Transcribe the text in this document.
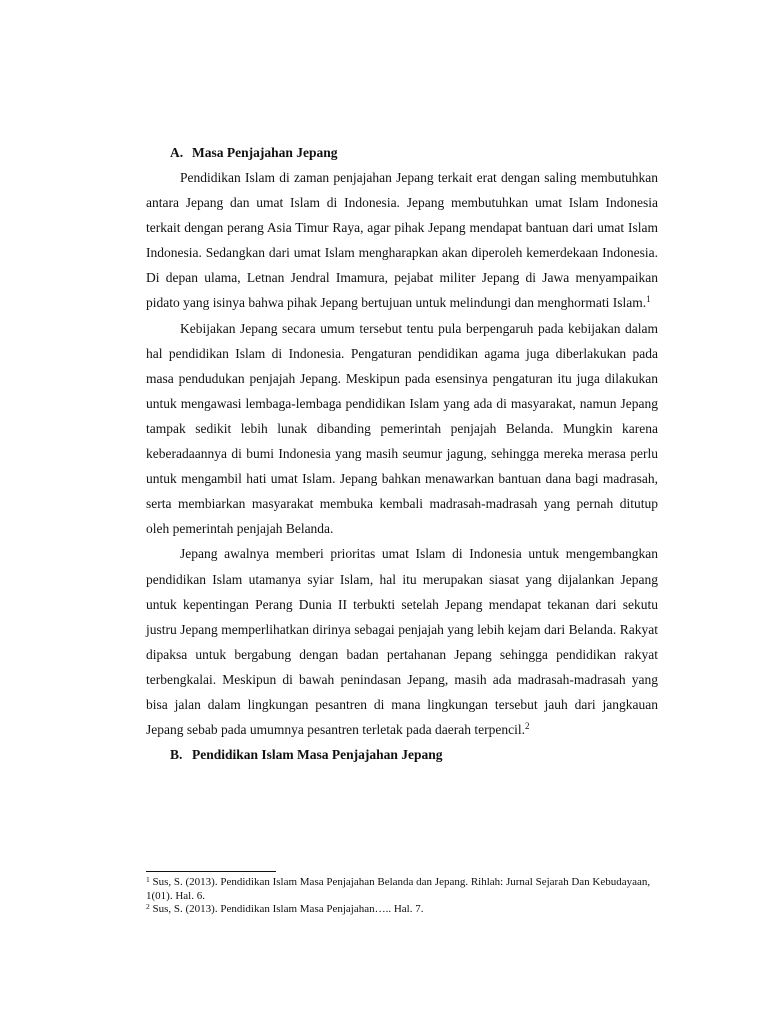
A. Masa Penjajahan Jepang

Pendidikan Islam di zaman penjajahan Jepang terkait erat dengan saling membutuhkan antara Jepang dan umat Islam di Indonesia. Jepang membutuhkan umat Islam Indonesia terkait dengan perang Asia Timur Raya, agar pihak Jepang mendapat bantuan dari umat Islam Indonesia. Sedangkan dari umat Islam mengharapkan akan diperoleh kemerdekaan Indonesia. Di depan ulama, Letnan Jendral Imamura, pejabat militer Jepang di Jawa menyampaikan pidato yang isinya bahwa pihak Jepang bertujuan untuk melindungi dan menghormati Islam.$^1$

Kebijakan Jepang secara umum tersebut tentu pula berpengaruh pada kebijakan dalam hal pendidikan Islam di Indonesia. Pengaturan pendidikan agama juga diberlakukan pada masa pendudukan penjajah Jepang. Meskipun pada esensinya pengaturan itu juga dilakukan untuk mengawasi lembaga-lembaga pendidikan Islam yang ada di masyarakat, namun Jepang tampak sedikit lebih lunak dibanding pemerintah penjajah Belanda. Mungkin karena keberadaannya di bumi Indonesia yang masih seumur jagung, sehingga mereka merasa perlu untuk mengambil hati umat Islam. Jepang bahkan menawarkan bantuan dana bagi madrasah, serta membiarkan masyarakat membuka kembali madrasah-madrasah yang pernah ditutup oleh pemerintah penjajah Belanda.

Jepang awalnya memberi prioritas umat Islam di Indonesia untuk mengembangkan pendidikan Islam utamanya syiar Islam, hal itu merupakan siasat yang dijalankan Jepang untuk kepentingan Perang Dunia II terbukti setelah Jepang mendapat tekanan dari sekutu justru Jepang memperlihatkan dirinya sebagai penjajah yang lebih kejam dari Belanda. Rakyat dipaksa untuk bergabung dengan badan pertahanan Jepang sehingga pendidikan rakyat terbengkalai. Meskipun di bawah penindasan Jepang, masih ada madrasah-madrasah yang bisa jalan dalam lingkungan pesantren di mana lingkungan tersebut jauh dari jangkauan Jepang sebab pada umumnya pesantren terletak pada daerah terpencil.$^2$

B. Pendidikan Islam Masa Penjajahan Jepang
$^1$ Sus, S. (2013). Pendidikan Islam Masa Penjajahan Belanda dan Jepang. Rihlah: Jurnal Sejarah Dan Kebudayaan, 1(01). Hal. 6.
$^2$ Sus, S. (2013). Pendidikan Islam Masa Penjajahan….. Hal. 7.
